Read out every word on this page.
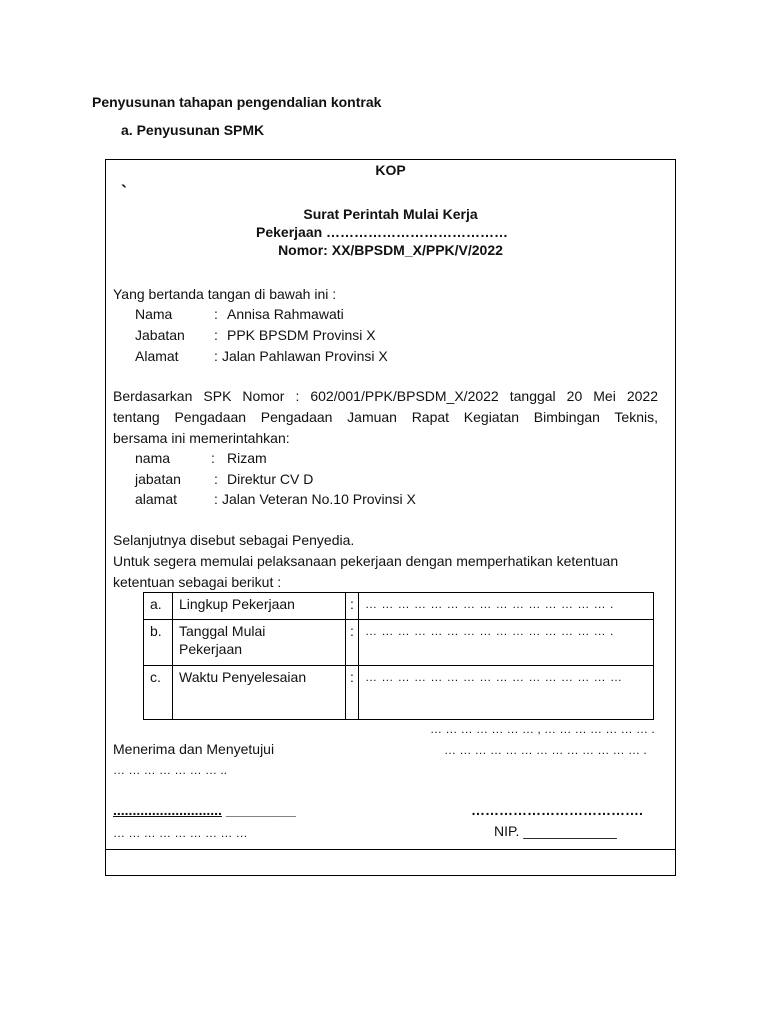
Penyusunan tahapan pengendalian kontrak
a. Penyusunan SPMK
KOP
`
Surat Perintah Mulai Kerja
Pekerjaan …………………………………
Nomor: XX/BPSDM_X/PPK/V/2022
Yang bertanda tangan di bawah ini :
Nama	: Annisa Rahmawati
Jabatan : PPK BPSDM Provinsi X
Alamat	: Jalan Pahlawan Provinsi X
Berdasarkan SPK Nomor : 602/001/PPK/BPSDM_X/2022 tanggal 20 Mei 2022
tentang Pengadaan Pengadaan Jamuan Rapat Kegiatan Bimbingan Teknis,
bersama ini memerintahkan:
nama	: Rizam
jabatan : Direktur CV D
alamat	: Jalan Veteran No.10 Provinsi X
Selanjutnya disebut sebagai Penyedia.
Untuk segera memulai pelaksanaan pekerjaan dengan memperhatikan ketentuan
ketentuan sebagai berikut :
a.	Lingkup Pekerjaan	:	… … … … … … … … … … … … … … … .
b.	Tanggal Mulai
Pekerjaan	:	… … … … … … … … … … … … … … … .
c.	Waktu Penyelesaian	:	… … … … … … … … … … … … … … … …
… … … … … … … , … … … … … … … .
Menerima dan Menyetujui	… … … … … … … … … … … … … .
… … … … … … … ..
............................ _________	……………………………….
… … … … … … … … …	NIP. ____________
